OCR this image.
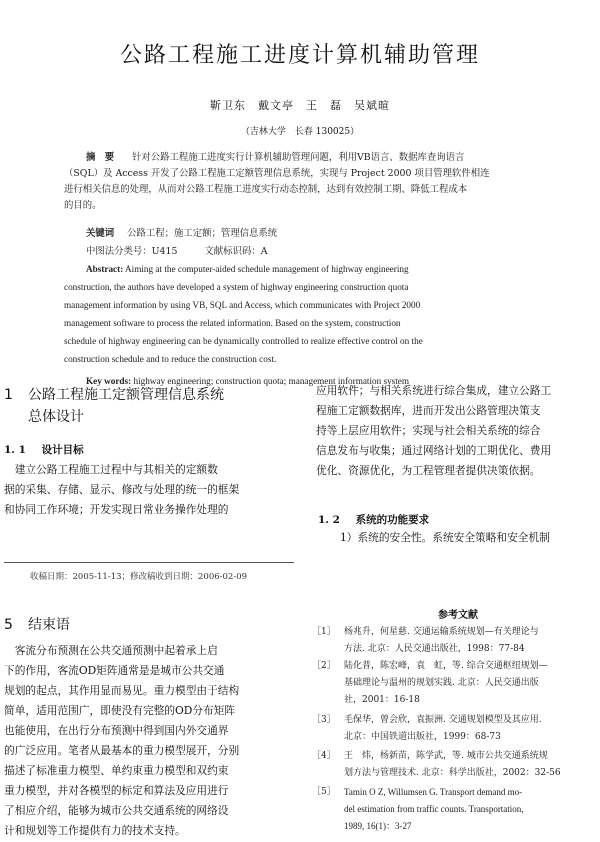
公路工程施工进度计算机辅助管理
靳卫东　戴文亭　王　磊　吴斌暄
（吉林大学　长春 130025）
摘　要 针对公路工程施工进度实行计算机辅助管理问题，利用VB语言、数据库查询语言
（SQL）及 Access 开发了公路工程施工定额管理信息系统，实现与 Project 2000 项目管理软件相连
进行相关信息的处理，从而对公路工程施工进度实行动态控制，达到有效控制工期、降低工程成本
的目的。
关键词 公路工程；施工定额；管理信息系统
中图法分类号：U415	文献标识码：A
Abstract: Aiming at the computer-aided schedule management of highway engineering
construction, the authors have developed a system of highway engineering construction quota
management information by using VB, SQL and Access, which communicates with Project 2000
management software to process the related information. Based on the system, construction
schedule of highway engineering can be dynamically controlled to realize effective control on the
construction schedule and to reduce the construction cost.
Key words: highway engineering; construction quota; management information system
1 公路工程施工定额管理信息系统
总体设计
1. 1 设计目标
　建立公路工程施工过程中与其相关的定额数
据的采集、存储、显示、修改与处理的统一的框架
和协同工作环境；开发实现日常业务操作处理的
应用软件；与相关系统进行综合集成，建立公路工
程施工定额数据库，进而开发出公路管理决策支
持等上层应用软件；实现与社会相关系统的综合
信息发布与收集；通过网络计划的工期优化、费用
优化、资源优化，为工程管理者提供决策依据。
1. 2 系统的功能要求
1）系统的安全性。系统安全策略和安全机制
收稿日期：2005-11-13；修改稿收到日期：2006-02-09
5 结束语
　客流分布预测在公共交通预测中起着承上启
下的作用，客流OD矩阵通常是是城市公共交通
规划的起点，其作用显而易见。重力模型由于结构
简单，适用范围广，即使没有完整的OD分布矩阵
也能使用，在出行分布预测中得到国内外交通界
的广泛应用。笔者从最基本的重力模型展开，分别
描述了标准重力模型、单约束重力模型和双约束
重力模型，并对各模型的标定和算法及应用进行
了相应介绍，能够为城市公共交通系统的网络设
计和规划等工作提供有力的技术支持。
参考文献
［1］ 杨兆升，何星慈. 交通运输系统规划—有关理论与
方法. 北京：人民交通出版社，1998：77-84
［2］ 陆化普，陈宏峰，袁　虹，等. 综合交通枢纽规划—
基础理论与温州的规划实践. 北京：人民交通出版
社，2001：16-18
［3］ 毛保华，曾会欣，袁振洲. 交通规划模型及其应用.
北京：中国铁道出版社，1999：68-73
［4］ 王　炜，杨新苗，陈学武，等. 城市公共交通系统规
划方法与管理技术. 北京：科学出版社，2002：32-56
［5］ Tamin O Z, Willumsen G. Transport demand mo-
del estimation from traffic counts. Transportation,
1989, 16(1)：3-27
